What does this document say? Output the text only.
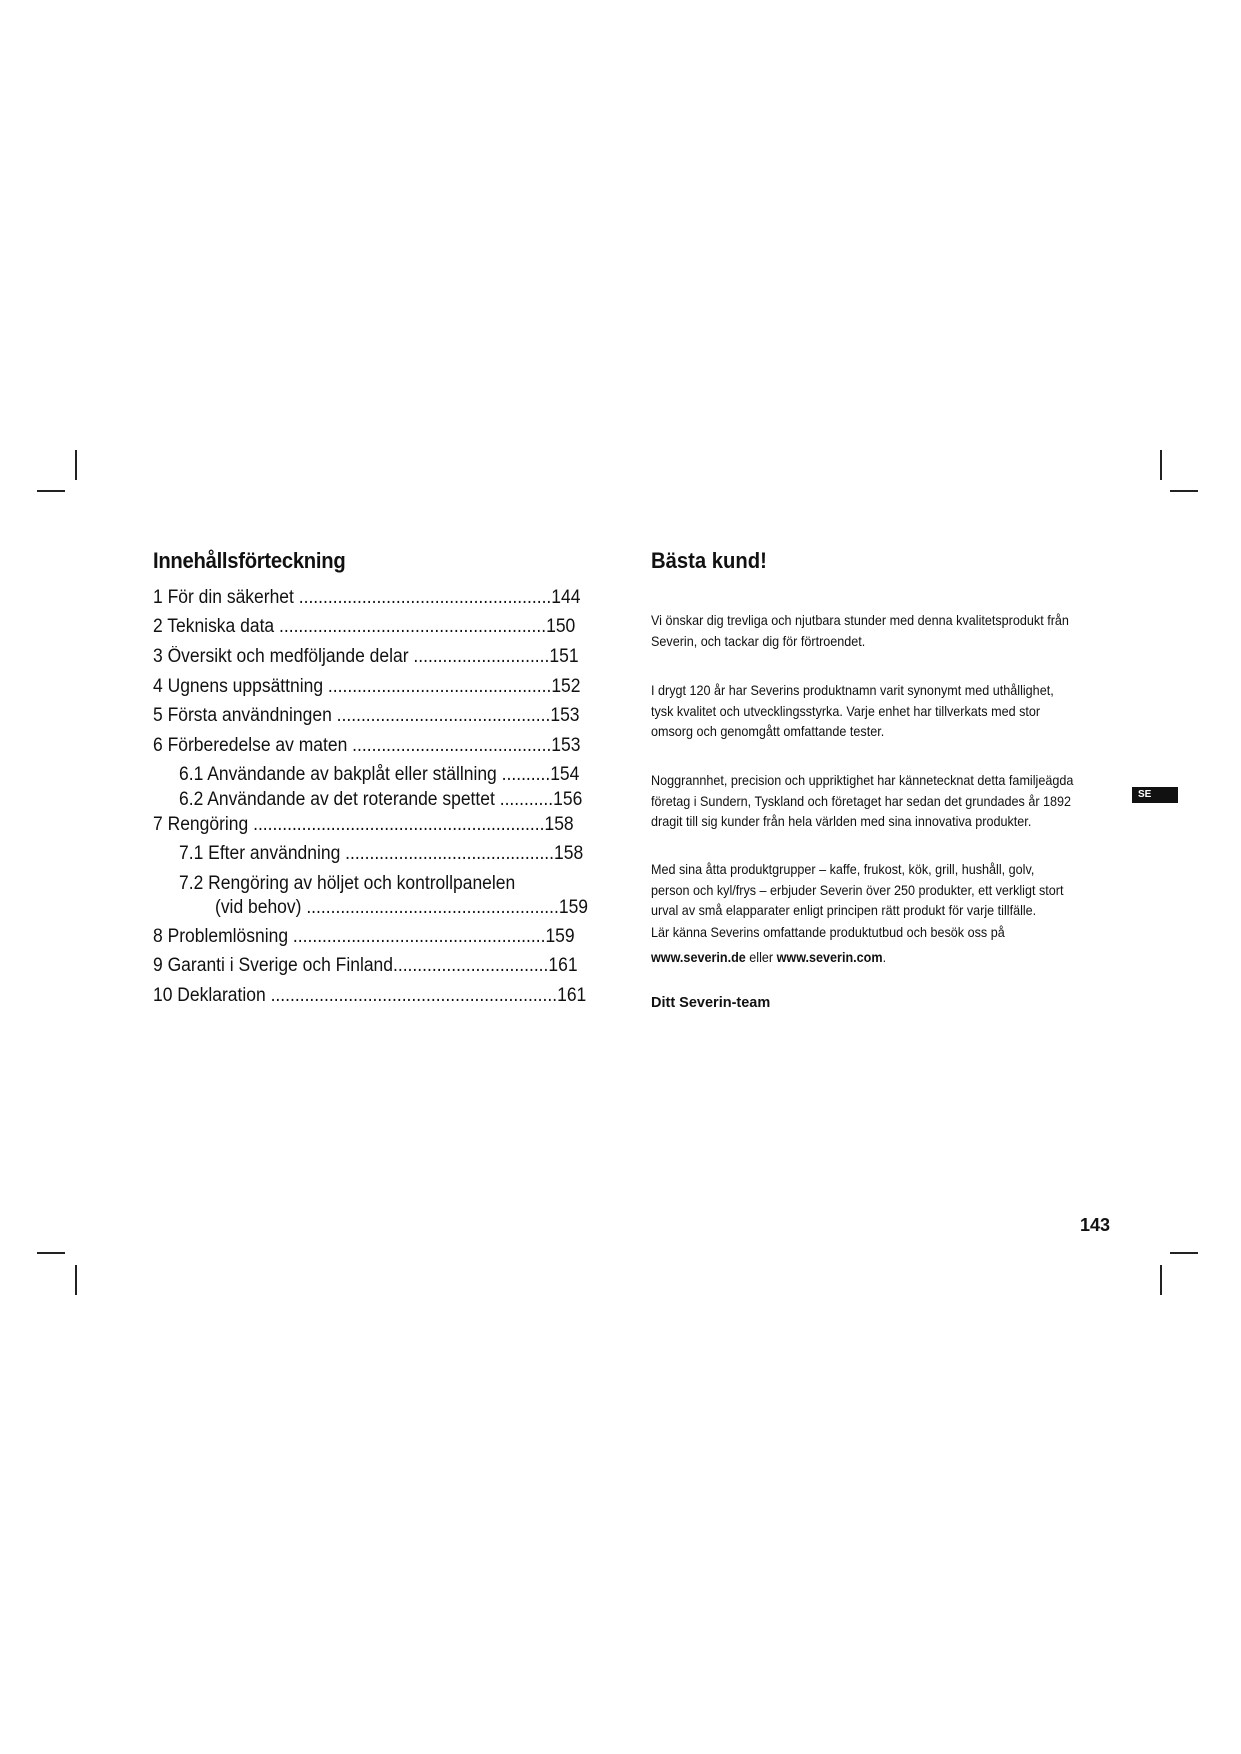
Innehållsförteckning
1 För din säkerhet ....................................................144
2 Tekniska data .......................................................150
3 Översikt och medföljande delar ............................151
4 Ugnens uppsättning ..............................................152
5 Första användningen ............................................153
6 Förberedelse av maten .........................................153
6.1 Användande av bakplåt eller ställning ..........154
6.2 Användande av det roterande spettet ...........156
7 Rengöring ............................................................158
7.1 Efter användning ...........................................158
7.2 Rengöring av höljet och kontrollpanelen
(vid behov) ....................................................159
8 Problemlösning ....................................................159
9 Garanti i Sverige och Finland................................161
10 Deklaration ...........................................................161
Bästa kund!

Vi önskar dig trevliga och njutbara stunder med denna kvalitetsprodukt från Severin, och tackar dig för förtroendet.

I drygt 120 år har Severins produktnamn varit synonymt med uthållighet, tysk kvalitet och utvecklingsstyrka. Varje enhet har tillverkats med stor omsorg och genomgått omfattande tester.

Noggrannhet, precision och uppriktighet har kännetecknat detta familjeägda företag i Sundern, Tyskland och företaget har sedan det grundades år 1892 dragit till sig kunder från hela världen med sina innovativa produkter.

Med sina åtta produktgrupper – kaffe, frukost, kök, grill, hushåll, golv, person och kyl/frys – erbjuder Severin över 250 produkter, ett verkligt stort urval av små elapparater enligt principen rätt produkt för varje tillfälle.

Lär känna Severins omfattande produktutbud och besök oss på

www.severin.de eller www.severin.com.

Ditt Severin-team
SE
143
